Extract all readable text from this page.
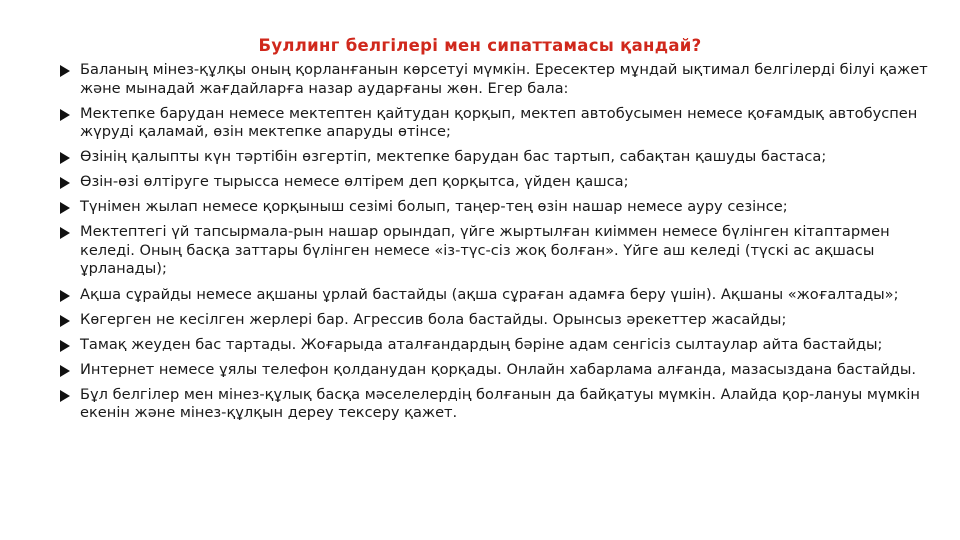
Буллинг белгілері мен сипаттамасы қандай?
Баланың мінез-құлқы оның қорланғанын көрсетуі мүмкін. Ересектер мұндай ықтимал белгілерді білуі қажет және мынадай жағдайларға назар аударғаны жөн. Егер бала:
Мектепке барудан немесе мектептен қайтудан қорқып, мектеп автобусымен немесе қоғамдық автобуспен жүруді қаламай, өзін мектепке апаруды өтінсе;
Өзінің қалыпты күн тәртібін өзгертіп, мектепке барудан бас тартып, сабақтан қашуды бастаса;
Өзін-өзі өлтіруге тырысса немесе өлтірем деп қорқытса, үйден қашса;
Түнімен жылап немесе қорқыныш сезімі болып, таңер-тең өзін нашар немесе ауру сезінсе;
Мектептегі үй тапсырмала-рын нашар орындап, үйге жыртылған киіммен немесе бүлінген кітаптармен келеді. Оның басқа заттары бүлінген немесе «із-түс-сіз жоқ болған». Үйге аш келеді (түскі ас ақшасы ұрланады);
Ақша сұрайды немесе ақшаны ұрлай бастайды (ақша сұраған адамға беру үшін). Ақшаны «жоғалтады»;
Көгерген не кесілген жерлері бар. Агрессив бола бастайды. Орынсыз әрекеттер жасайды;
Тамақ жеуден бас тартады. Жоғарыда аталғандардың бәріне адам сенгісіз сылтаулар айта бастайды;
Интернет немесе ұялы телефон қолданудан қорқады. Онлайн хабарлама алғанда, мазасыздана бастайды.
Бұл белгілер мен мінез-құлық басқа мәселелердің болғанын да байқатуы мүмкін. Алайда қор-лануы мүмкін екенін және мінез-құлқын дереу тексеру қажет.
